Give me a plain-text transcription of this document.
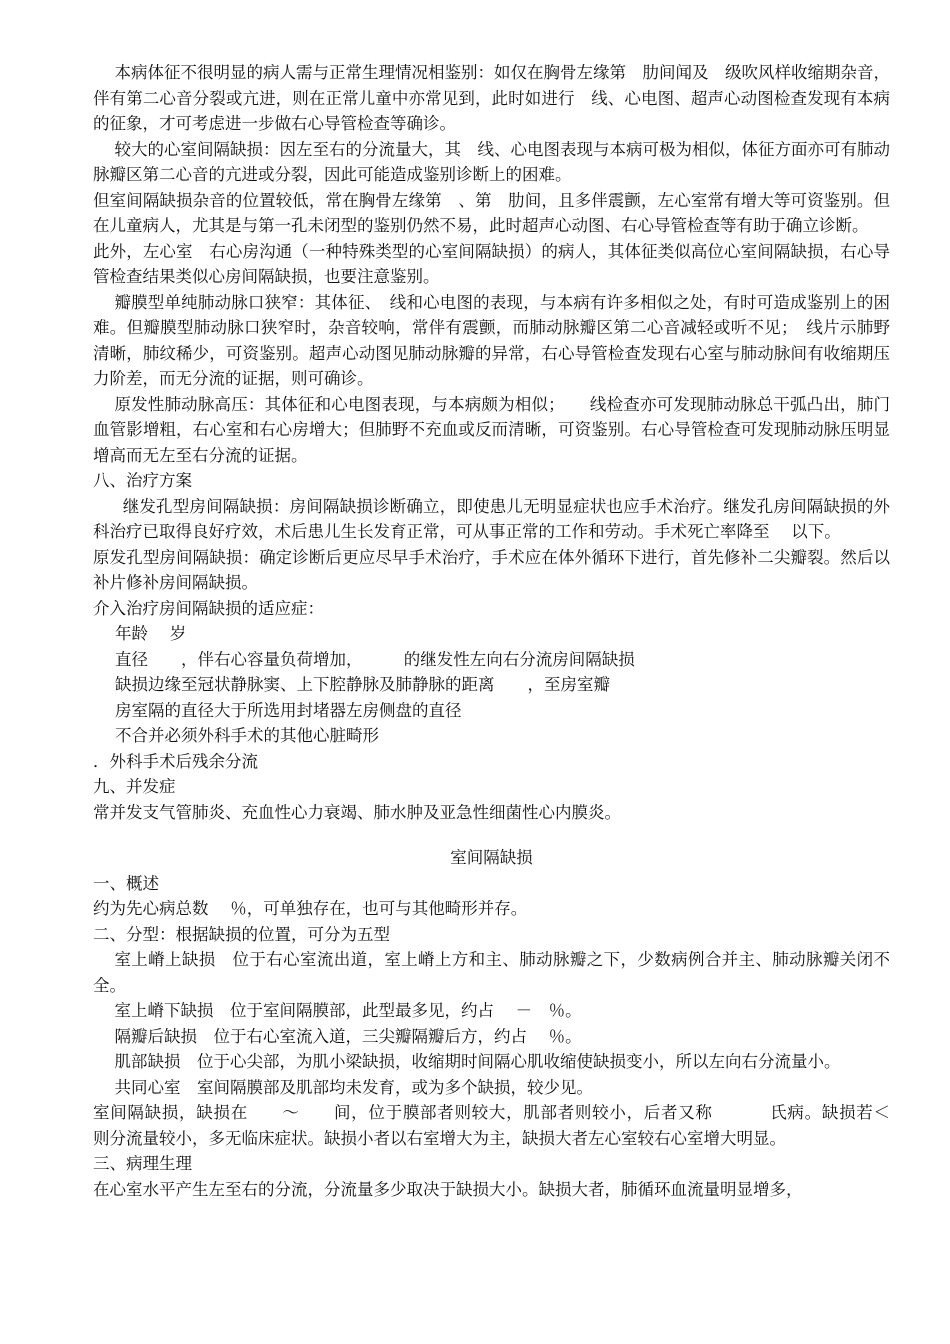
本病体征不很明显的病人需与正常生理情况相鉴别：如仅在胸骨左缘第　肋间闻及　级吹风样收缩期杂音，伴有第二心音分裂或亢进，则在正常儿童中亦常见到，此时如进行　线、心电图、超声心动图检查发现有本病的征象，才可考虑进一步做右心导管检查等确诊。

较大的心室间隔缺损：因左至右的分流量大，其　线、心电图表现与本病可极为相似，体征方面亦可有肺动脉瓣区第二心音的亢进或分裂，因此可能造成鉴别诊断上的困难。

但室间隔缺损杂音的位置较低，常在胸骨左缘第　、第　肋间，且多伴震颤，左心室常有增大等可资鉴别。但在儿童病人，尤其是与第一孔未闭型的鉴别仍然不易，此时超声心动图、右心导管检查等有助于确立诊断。

此外，左心室　右心房沟通（一种特殊类型的心室间隔缺损）的病人，其体征类似高位心室间隔缺损，右心导管检查结果类似心房间隔缺损，也要注意鉴别。

瓣膜型单纯肺动脉口狭窄：其体征、　线和心电图的表现，与本病有许多相似之处，有时可造成鉴别上的困难。但瓣膜型肺动脉口狭窄时，杂音较响，常伴有震颤，而肺动脉瓣区第二心音减轻或听不见；　线片示肺野清晰，肺纹稀少，可资鉴别。超声心动图见肺动脉瓣的异常，右心导管检查发现右心室与肺动脉间有收缩期压力阶差，而无分流的证据，则可确诊。

原发性肺动脉高压：其体征和心电图表现，与本病颇为相似；　　线检查亦可发现肺动脉总干弧凸出，肺门血管影增粗，右心室和右心房增大；但肺野不充血或反而清晰，可资鉴别。右心导管检查可发现肺动脉压明显增高而无左至右分流的证据。

八、治疗方案

继发孔型房间隔缺损：房间隔缺损诊断确立，即使患儿无明显症状也应手术治疗。继发孔房间隔缺损的外科治疗已取得良好疗效，术后患儿生长发育正常，可从事正常的工作和劳动。手术死亡率降至　 以下。

原发孔型房间隔缺损：确定诊断后更应尽早手术治疗，手术应在体外循环下进行，首先修补二尖瓣裂。然后以补片修补房间隔缺损。

介入治疗房间隔缺损的适应症：

年龄　 岁

直径　　，伴右心容量负荷增加，　　　的继发性左向右分流房间隔缺损

缺损边缘至冠状静脉窦、上下腔静脉及肺静脉的距离　　，至房室瓣

房室隔的直径大于所选用封堵器左房侧盘的直径

不合并必须外科手术的其他心脏畸形

．外科手术后残余分流

九、并发症

常并发支气管肺炎、充血性心力衰竭、肺水肿及亚急性细菌性心内膜炎。

室间隔缺损

一、概述

约为先心病总数　 ％，可单独存在，也可与其他畸形并存。

二、分型：根据缺损的位置，可分为五型

室上嵴上缺损　位于右心室流出道，室上嵴上方和主、肺动脉瓣之下，少数病例合并主、肺动脉瓣关闭不全。

室上嵴下缺损　位于室间隔膜部，此型最多见，约占　 －　％。

隔瓣后缺损　位于右心室流入道，三尖瓣隔瓣后方，约占　 ％。

肌部缺损　位于心尖部，为肌小梁缺损，收缩期时间隔心肌收缩使缺损变小，所以左向右分流量小。

共同心室　室间隔膜部及肌部均未发育，或为多个缺损，较少见。

室间隔缺损，缺损在　　～　　间，位于膜部者则较大，肌部者则较小，后者又称　　　 氏病。缺损若＜　　　则分流量较小，多无临床症状。缺损小者以右室增大为主，缺损大者左心室较右心室增大明显。

三、病理生理

在心室水平产生左至右的分流，分流量多少取决于缺损大小。缺损大者，肺循环血流量明显增多，
